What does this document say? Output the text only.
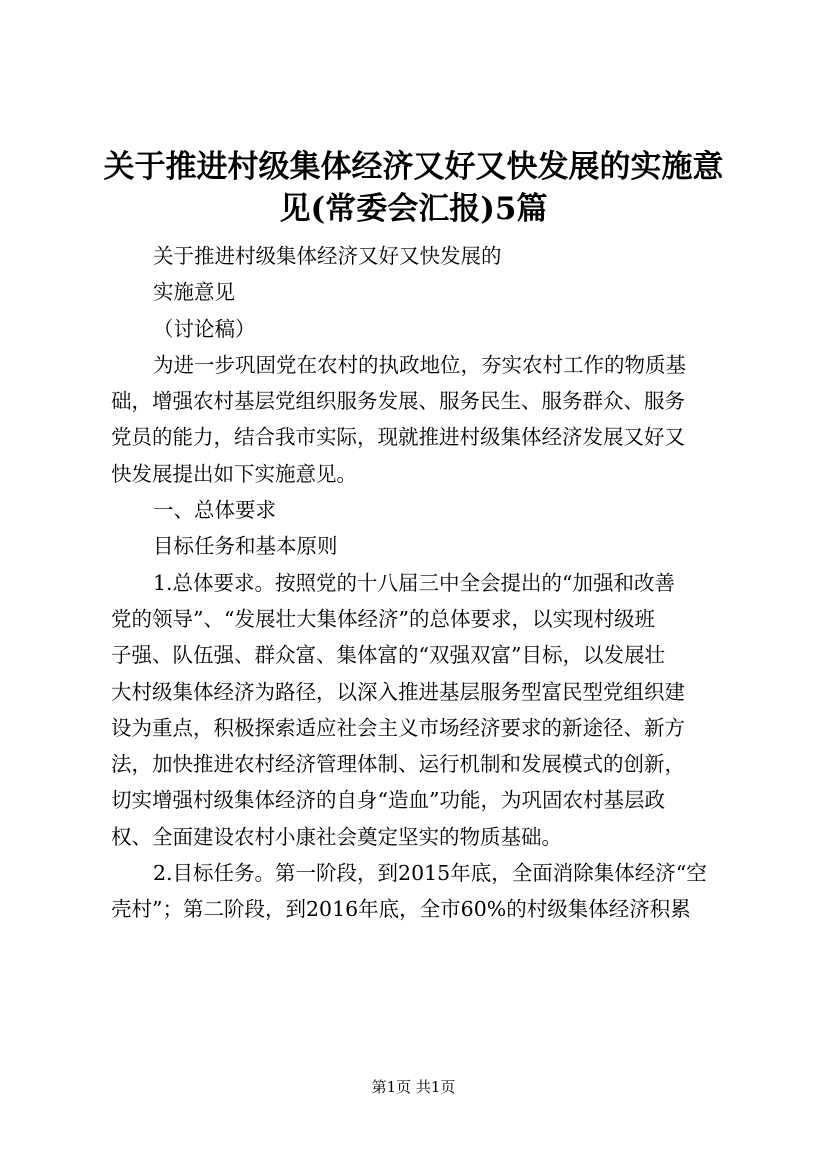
关于推进村级集体经济又好又快发展的实施意
见(常委会汇报)5篇

关于推进村级集体经济又好又快发展的

实施意见

（讨论稿）

为进一步巩固党在农村的执政地位，夯实农村工作的物质基
础，增强农村基层党组织服务发展、服务民生、服务群众、服务
党员的能力，结合我市实际，现就推进村级集体经济发展又好又
快发展提出如下实施意见。

一、总体要求

目标任务和基本原则

1.总体要求。按照党的十八届三中全会提出的“加强和改善
党的领导”、“发展壮大集体经济”的总体要求，以实现村级班
子强、队伍强、群众富、集体富的“双强双富”目标，以发展壮
大村级集体经济为路径，以深入推进基层服务型富民型党组织建
设为重点，积极探索适应社会主义市场经济要求的新途径、新方
法，加快推进农村经济管理体制、运行机制和发展模式的创新，
切实增强村级集体经济的自身“造血”功能，为巩固农村基层政
权、全面建设农村小康社会奠定坚实的物质基础。

2.目标任务。第一阶段，到2015年底，全面消除集体经济“空
壳村”；第二阶段，到2016年底，全市60%的村级集体经济积累

第1页 共1页
